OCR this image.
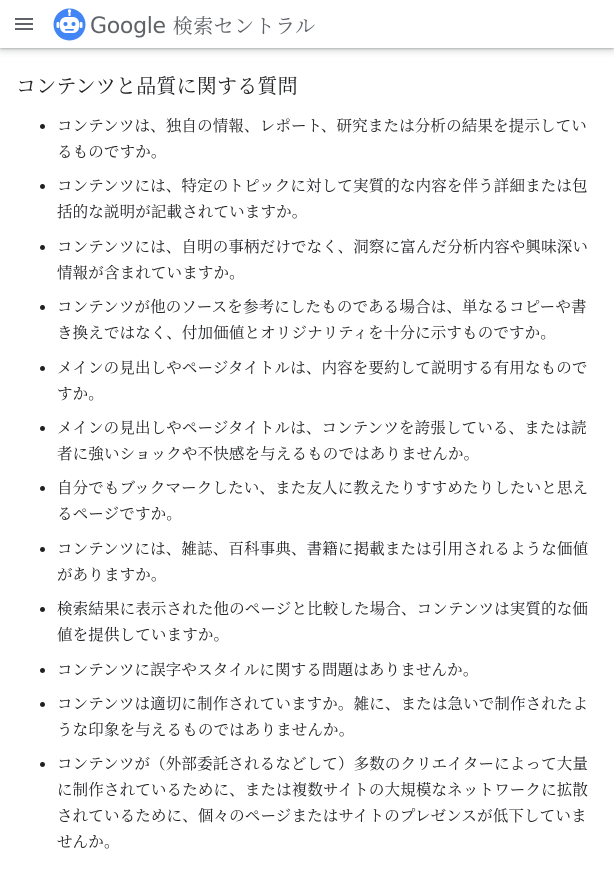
Google 検索セントラル
コンテンツと品質に関する質問
コンテンツは、独自の情報、レポート、研究または分析の結果を提示しているものですか。
コンテンツには、特定のトピックに対して実質的な内容を伴う詳細または包括的な説明が記載されていますか。
コンテンツには、自明の事柄だけでなく、洞察に富んだ分析内容や興味深い情報が含まれていますか。
コンテンツが他のソースを参考にしたものである場合は、単なるコピーや書き換えではなく、付加価値とオリジナリティを十分に示すものですか。
メインの見出しやページタイトルは、内容を要約して説明する有用なものですか。
メインの見出しやページタイトルは、コンテンツを誇張している、または読者に強いショックや不快感を与えるものではありませんか。
自分でもブックマークしたい、また友人に教えたりすすめたりしたいと思えるページですか。
コンテンツには、雑誌、百科事典、書籍に掲載または引用されるような価値がありますか。
検索結果に表示された他のページと比較した場合、コンテンツは実質的な価値を提供していますか。
コンテンツに誤字やスタイルに関する問題はありませんか。
コンテンツは適切に制作されていますか。雑に、または急いで制作されたような印象を与えるものではありませんか。
コンテンツが（外部委託されるなどして）多数のクリエイターによって大量に制作されているために、または複数サイトの大規模なネットワークに拡散されているために、個々のページまたはサイトのプレゼンスが低下していませんか。
